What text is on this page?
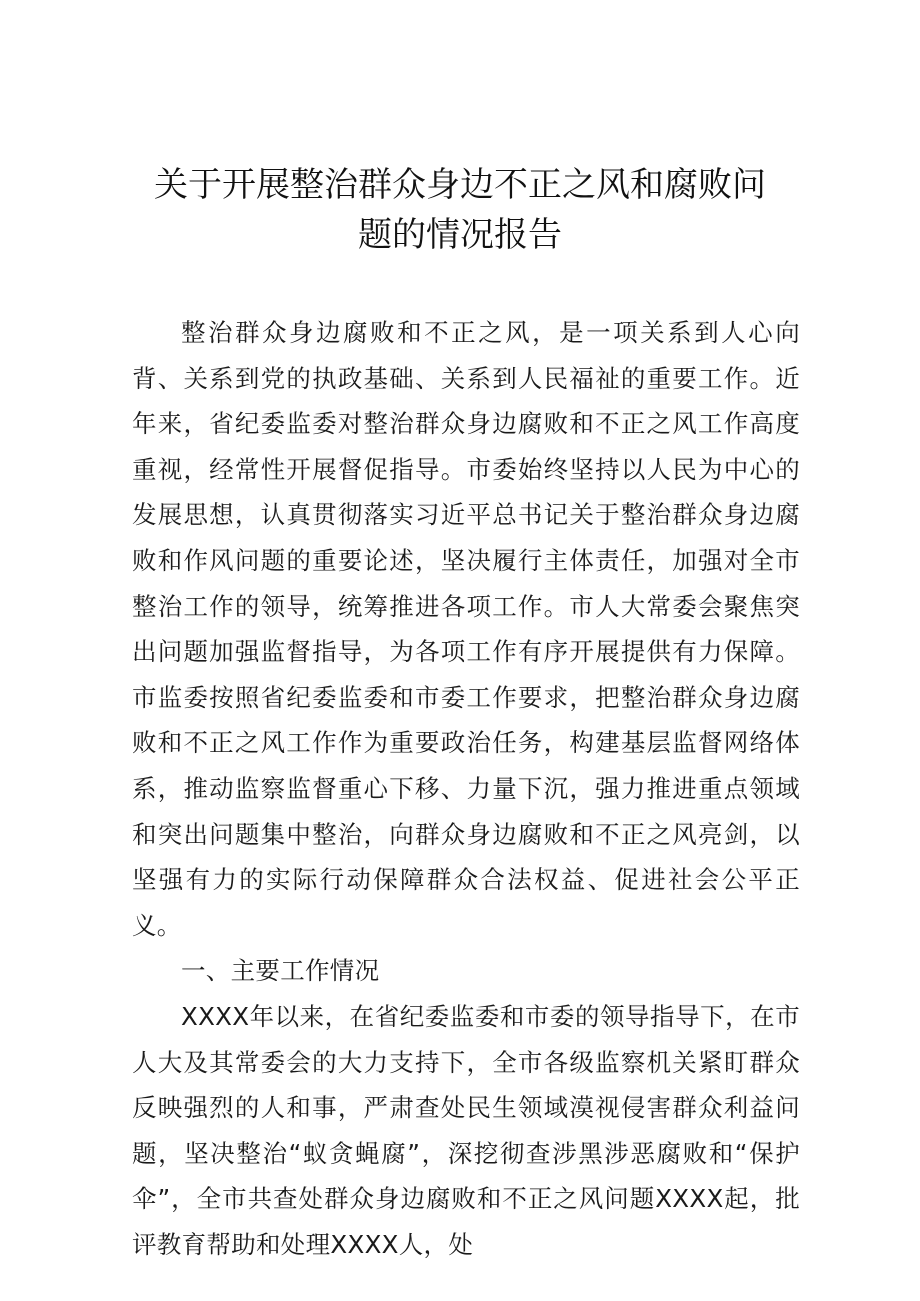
关于开展整治群众身边不正之风和腐败问
题的情况报告

整治群众身边腐败和不正之风，是一项关系到人心向背、关系到党的执政基础、关系到人民福祉的重要工作。近年来，省纪委监委对整治群众身边腐败和不正之风工作高度重视，经常性开展督促指导。市委始终坚持以人民为中心的发展思想，认真贯彻落实习近平总书记关于整治群众身边腐败和作风问题的重要论述，坚决履行主体责任，加强对全市整治工作的领导，统筹推进各项工作。市人大常委会聚焦突出问题加强监督指导，为各项工作有序开展提供有力保障。市监委按照省纪委监委和市委工作要求，把整治群众身边腐败和不正之风工作作为重要政治任务，构建基层监督网络体系，推动监察监督重心下移、力量下沉，强力推进重点领域和突出问题集中整治，向群众身边腐败和不正之风亮剑，以坚强有力的实际行动保障群众合法权益、促进社会公平正义。

一、主要工作情况

XXXX年以来，在省纪委监委和市委的领导指导下，在市人大及其常委会的大力支持下，全市各级监察机关紧盯群众反映强烈的人和事，严肃查处民生领域漠视侵害群众利益问题，坚决整治“蚁贪蝇腐”，深挖彻查涉黑涉恶腐败和“保护伞”，全市共查处群众身边腐败和不正之风问题XXXX起，批评教育帮助和处理XXXX人，处
